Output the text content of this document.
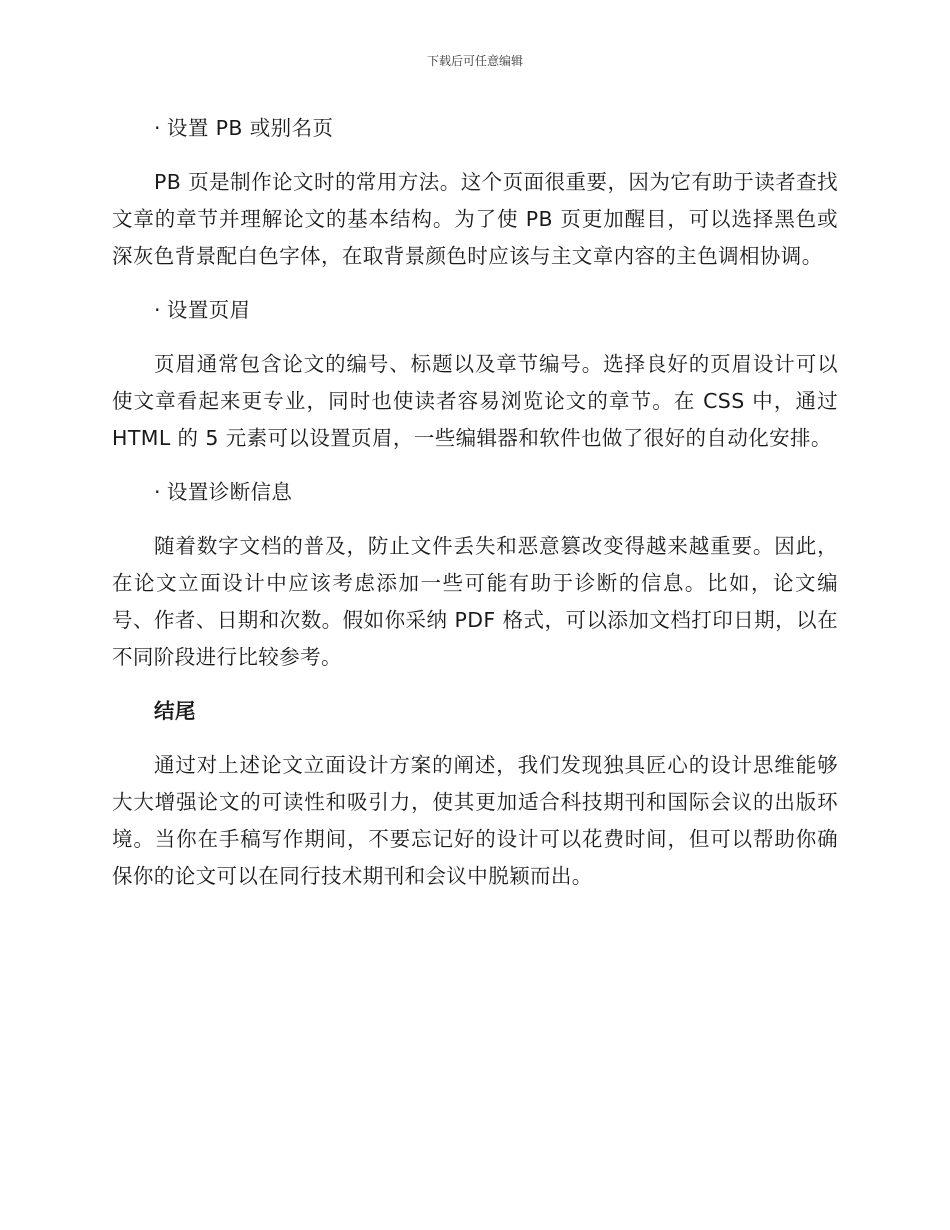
下载后可任意编辑

· 设置 PB 或别名页

PB 页是制作论文时的常用方法。这个页面很重要，因为它有助于读者查找文章的章节并理解论文的基本结构。为了使 PB 页更加醒目，可以选择黑色或深灰色背景配白色字体，在取背景颜色时应该与主文章内容的主色调相协调。

· 设置页眉

页眉通常包含论文的编号、标题以及章节编号。选择良好的页眉设计可以使文章看起来更专业，同时也使读者容易浏览论文的章节。在 CSS 中，通过 HTML 的 5 元素可以设置页眉，一些编辑器和软件也做了很好的自动化安排。

· 设置诊断信息

随着数字文档的普及，防止文件丢失和恶意篡改变得越来越重要。因此，在论文立面设计中应该考虑添加一些可能有助于诊断的信息。比如，论文编号、作者、日期和次数。假如你采纳 PDF 格式，可以添加文档打印日期，以在不同阶段进行比较参考。

结尾

通过对上述论文立面设计方案的阐述，我们发现独具匠心的设计思维能够大大增强论文的可读性和吸引力，使其更加适合科技期刊和国际会议的出版环境。当你在手稿写作期间，不要忘记好的设计可以花费时间，但可以帮助你确保你的论文可以在同行技术期刊和会议中脱颖而出。
